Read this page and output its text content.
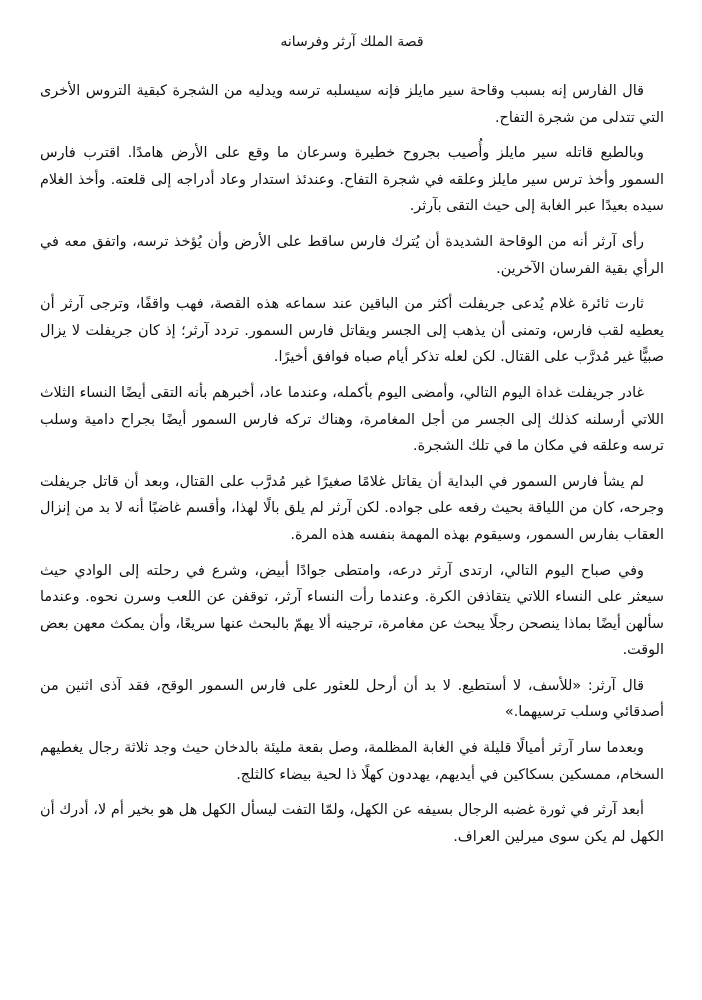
قصة الملك آرثر وفرسانه

قال الفارس إنه بسبب وقاحة سير مايلز فإنه سيسلبه ترسه ويدليه من الشجرة كبقية التروس الأخرى التي تتدلى من شجرة التفاح.

وبالطبع قاتله سير مايلز وأُصيب بجروح خطيرة وسرعان ما وقع على الأرض هامدًا. اقترب فارس السمور وأخذ ترس سير مايلز وعلقه في شجرة التفاح. وعندئذ استدار وعاد أدراجه إلى قلعته. وأخذ الغلام سيده بعيدًا عبر الغابة إلى حيث التقى بآرثر.

رأى آرثر أنه من الوقاحة الشديدة أن يُترك فارس ساقط على الأرض وأن يُؤخذ ترسه، واتفق معه في الرأي بقية الفرسان الآخرين.

ثارت ثائرة غلام يُدعى جريفلت أكثر من الباقين عند سماعه هذه القصة، فهب واقفًا، وترجى آرثر أن يعطيه لقب فارس، وتمنى أن يذهب إلى الجسر ويقاتل فارس السمور. تردد آرثر؛ إذ كان جريفلت لا يزال صبيًّا غير مُدرَّب على القتال. لكن لعله تذكر أيام صباه فوافق أخيرًا.

غادر جريفلت غداة اليوم التالي، وأمضى اليوم بأكمله، وعندما عاد، أخبرهم بأنه التقى أيضًا النساء الثلاث اللاتي أرسلنه كذلك إلى الجسر من أجل المغامرة، وهناك تركه فارس السمور أيضًا بجراح دامية وسلب ترسه وعلقه في مكان ما في تلك الشجرة.

لم يشأ فارس السمور في البداية أن يقاتل غلامًا صغيرًا غير مُدرَّب على القتال، وبعد أن قاتل جريفلت وجرحه، كان من اللياقة بحيث رفعه على جواده. لكن آرثر لم يلق بالًا لهذا، وأقسم غاضبًا أنه لا بد من إنزال العقاب بفارس السمور، وسيقوم بهذه المهمة بنفسه هذه المرة.

وفي صباح اليوم التالي، ارتدى آرثر درعه، وامتطى جوادًا أبيض، وشرع في رحلته إلى الوادي حيث سيعثر على النساء اللاتي يتقاذفن الكرة. وعندما رأت النساء آرثر، توقفن عن اللعب وسرن نحوه. وعندما سألهن أيضًا بماذا ينصحن رجلًا يبحث عن مغامرة، ترجينه ألا يهمّ بالبحث عنها سريعًا، وأن يمكث معهن بعض الوقت.

قال آرثر: «للأسف، لا أستطيع. لا بد أن أرحل للعثور على فارس السمور الوقح، فقد آذى اثنين من أصدقائي وسلب ترسيهما.»

وبعدما سار آرثر أميالًا قليلة في الغابة المظلمة، وصل بقعة مليئة بالدخان حيث وجد ثلاثة رجال يغطيهم السخام، ممسكين بسكاكين في أيديهم، يهددون كهلًا ذا لحية بيضاء كالثلج.

أبعد آرثر في ثورة غضبه الرجال بسيفه عن الكهل، ولمّا التفت ليسأل الكهل هل هو بخير أم لا، أدرك أن الكهل لم يكن سوى ميرلين العراف.
